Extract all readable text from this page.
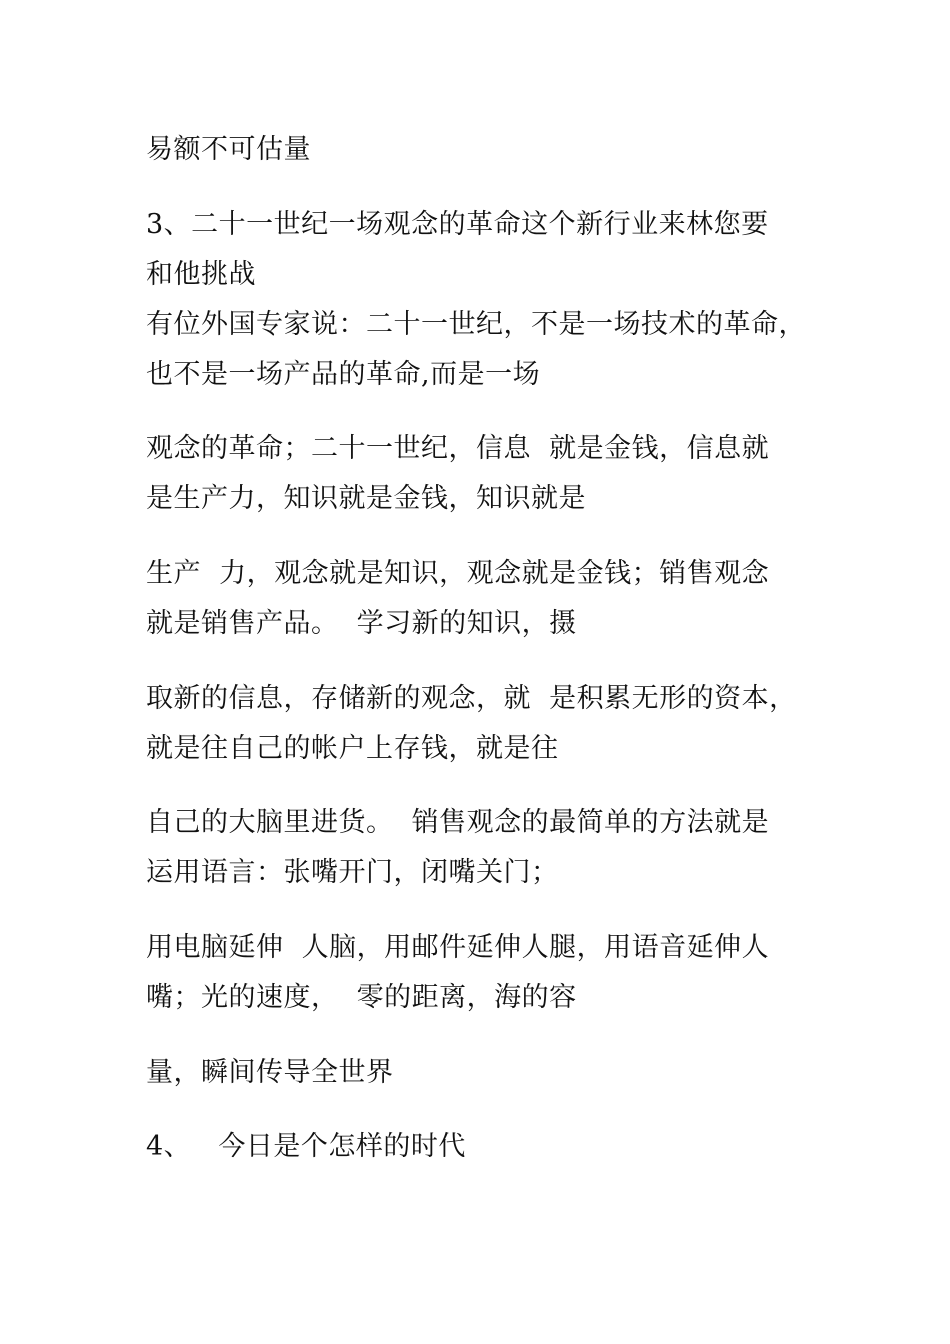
易额不可估量
3、二十一世纪一场观念的革命这个新行业来林您要
和他挑战
有位外国专家说：二十一世纪，不是一场技术的革命，
也不是一场产品的革命,而是一场
观念的革命；二十一世纪，信息  就是金钱，信息就
是生产力，知识就是金钱，知识就是
生产  力，观念就是知识，观念就是金钱；销售观念
就是销售产品。  学习新的知识，摄
取新的信息，存储新的观念，就  是积累无形的资本，
就是往自己的帐户上存钱，就是往
自己的大脑里进货。  销售观念的最简单的方法就是
运用语言：张嘴开门，闭嘴关门；
用电脑延伸  人脑，用邮件延伸人腿，用语音延伸人
嘴；光的速度，  零的距离，海的容
量，瞬间传导全世界
4、   今日是个怎样的时代
